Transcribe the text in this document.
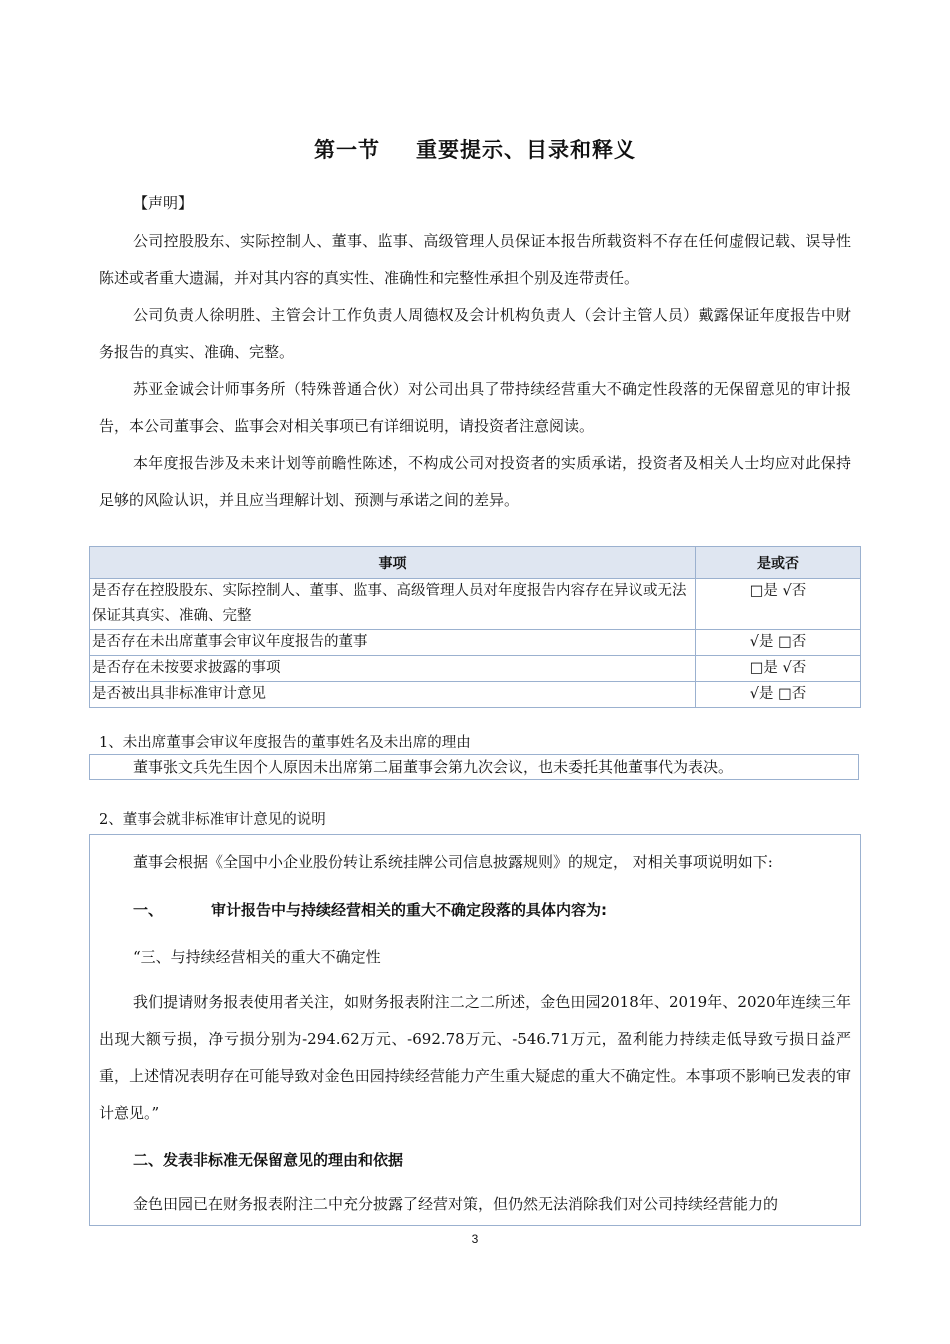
第一节 重要提示、目录和释义
【声明】

公司控股股东、实际控制人、董事、监事、高级管理人员保证本报告所载资料不存在任何虚假记载、误导性陈述或者重大遗漏，并对其内容的真实性、准确性和完整性承担个别及连带责任。

公司负责人徐明胜、主管会计工作负责人周德权及会计机构负责人（会计主管人员）戴露保证年度报告中财务报告的真实、准确、完整。

苏亚金诚会计师事务所（特殊普通合伙）对公司出具了带持续经营重大不确定性段落的无保留意见的审计报告，本公司董事会、监事会对相关事项已有详细说明，请投资者注意阅读。

本年度报告涉及未来计划等前瞻性陈述，不构成公司对投资者的实质承诺，投资者及相关人士均应对此保持足够的风险认识，并且应当理解计划、预测与承诺之间的差异。

事项	是或否
是否存在控股股东、实际控制人、董事、监事、高级管理人员对年度报告内容存在异议或无法保证其真实、准确、完整	□是 √否
是否存在未出席董事会审议年度报告的董事	√是 □否
是否存在未按要求披露的事项	□是 √否
是否被出具非标准审计意见	√是 □否
1、未出席董事会审议年度报告的董事姓名及未出席的理由
董事张文兵先生因个人原因未出席第二届董事会第九次会议，也未委托其他董事代为表决。
2、董事会就非标准审计意见的说明
董事会根据《全国中小企业股份转让系统挂牌公司信息披露规则》的规定， 对相关事项说明如下:
一、	审计报告中与持续经营相关的重大不确定段落的具体内容为:
“三、与持续经营相关的重大不确定性

我们提请财务报表使用者关注，如财务报表附注二之二所述，金色田园2018年、2019年、2020年连续三年出现大额亏损，净亏损分别为-294.62万元、-692.78万元、-546.71万元，盈利能力持续走低导致亏损日益严重，上述情况表明存在可能导致对金色田园持续经营能力产生重大疑虑的重大不确定性。本事项不影响已发表的审计意见。”

二、发表非标准无保留意见的理由和依据

金色田园已在财务报表附注二中充分披露了经营对策，但仍然无法消除我们对公司持续经营能力的

3
